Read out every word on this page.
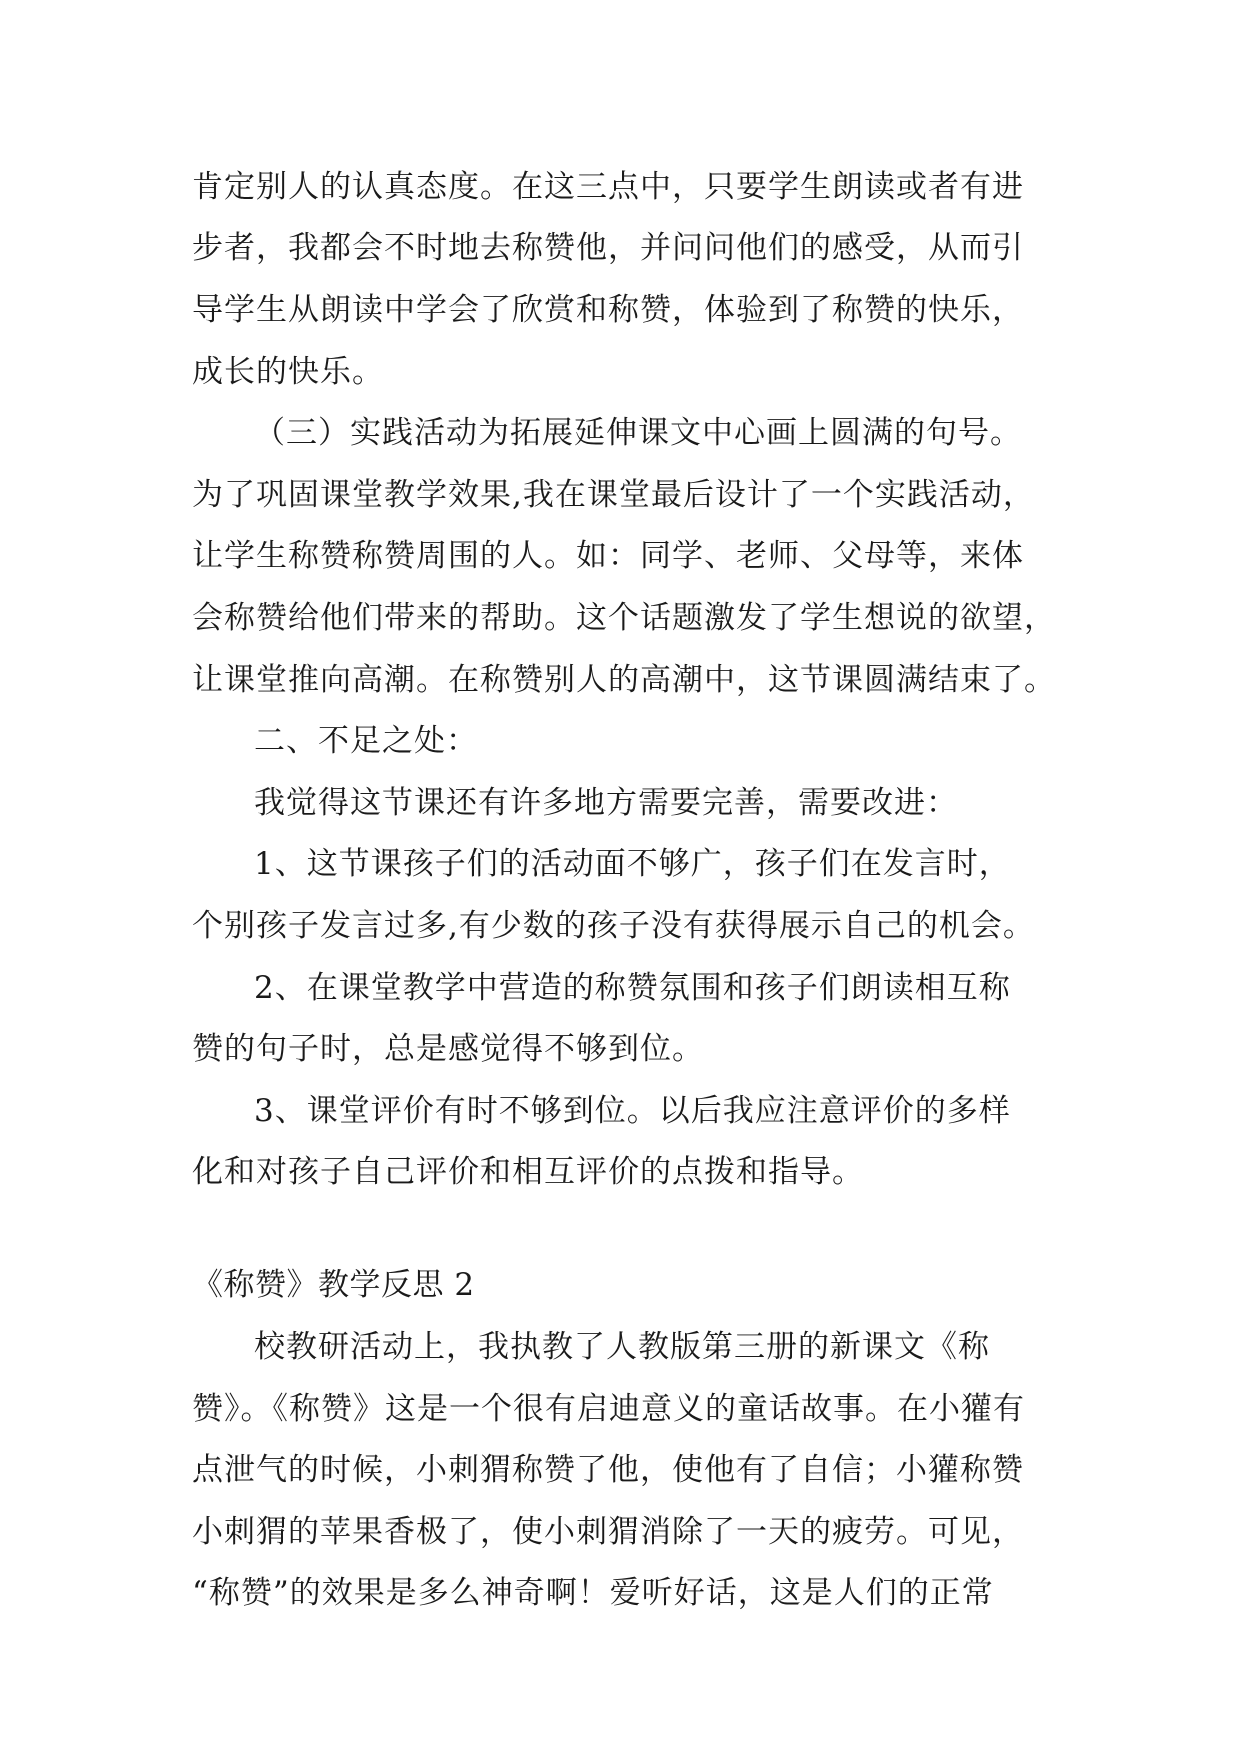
肯定别人的认真态度。在这三点中，只要学生朗读或者有进
步者，我都会不时地去称赞他，并问问他们的感受，从而引
导学生从朗读中学会了欣赏和称赞，体验到了称赞的快乐，
成长的快乐。
（三）实践活动为拓展延伸课文中心画上圆满的句号。
为了巩固课堂教学效果,我在课堂最后设计了一个实践活动，
让学生称赞称赞周围的人。如：同学、老师、父母等，来体
会称赞给他们带来的帮助。这个话题激发了学生想说的欲望，
让课堂推向高潮。在称赞别人的高潮中，这节课圆满结束了。
二、不足之处：
我觉得这节课还有许多地方需要完善，需要改进：
1、这节课孩子们的活动面不够广，孩子们在发言时，
个别孩子发言过多,有少数的孩子没有获得展示自己的机会。
2、在课堂教学中营造的称赞氛围和孩子们朗读相互称
赞的句子时，总是感觉得不够到位。
3、课堂评价有时不够到位。以后我应注意评价的多样
化和对孩子自己评价和相互评价的点拨和指导。
《称赞》教学反思 2
校教研活动上，我执教了人教版第三册的新课文《称
赞》。《称赞》这是一个很有启迪意义的童话故事。在小獾有
点泄气的时候，小刺猬称赞了他，使他有了自信；小獾称赞
小刺猬的苹果香极了，使小刺猬消除了一天的疲劳。可见，
“称赞”的效果是多么神奇啊！爱听好话，这是人们的正常
